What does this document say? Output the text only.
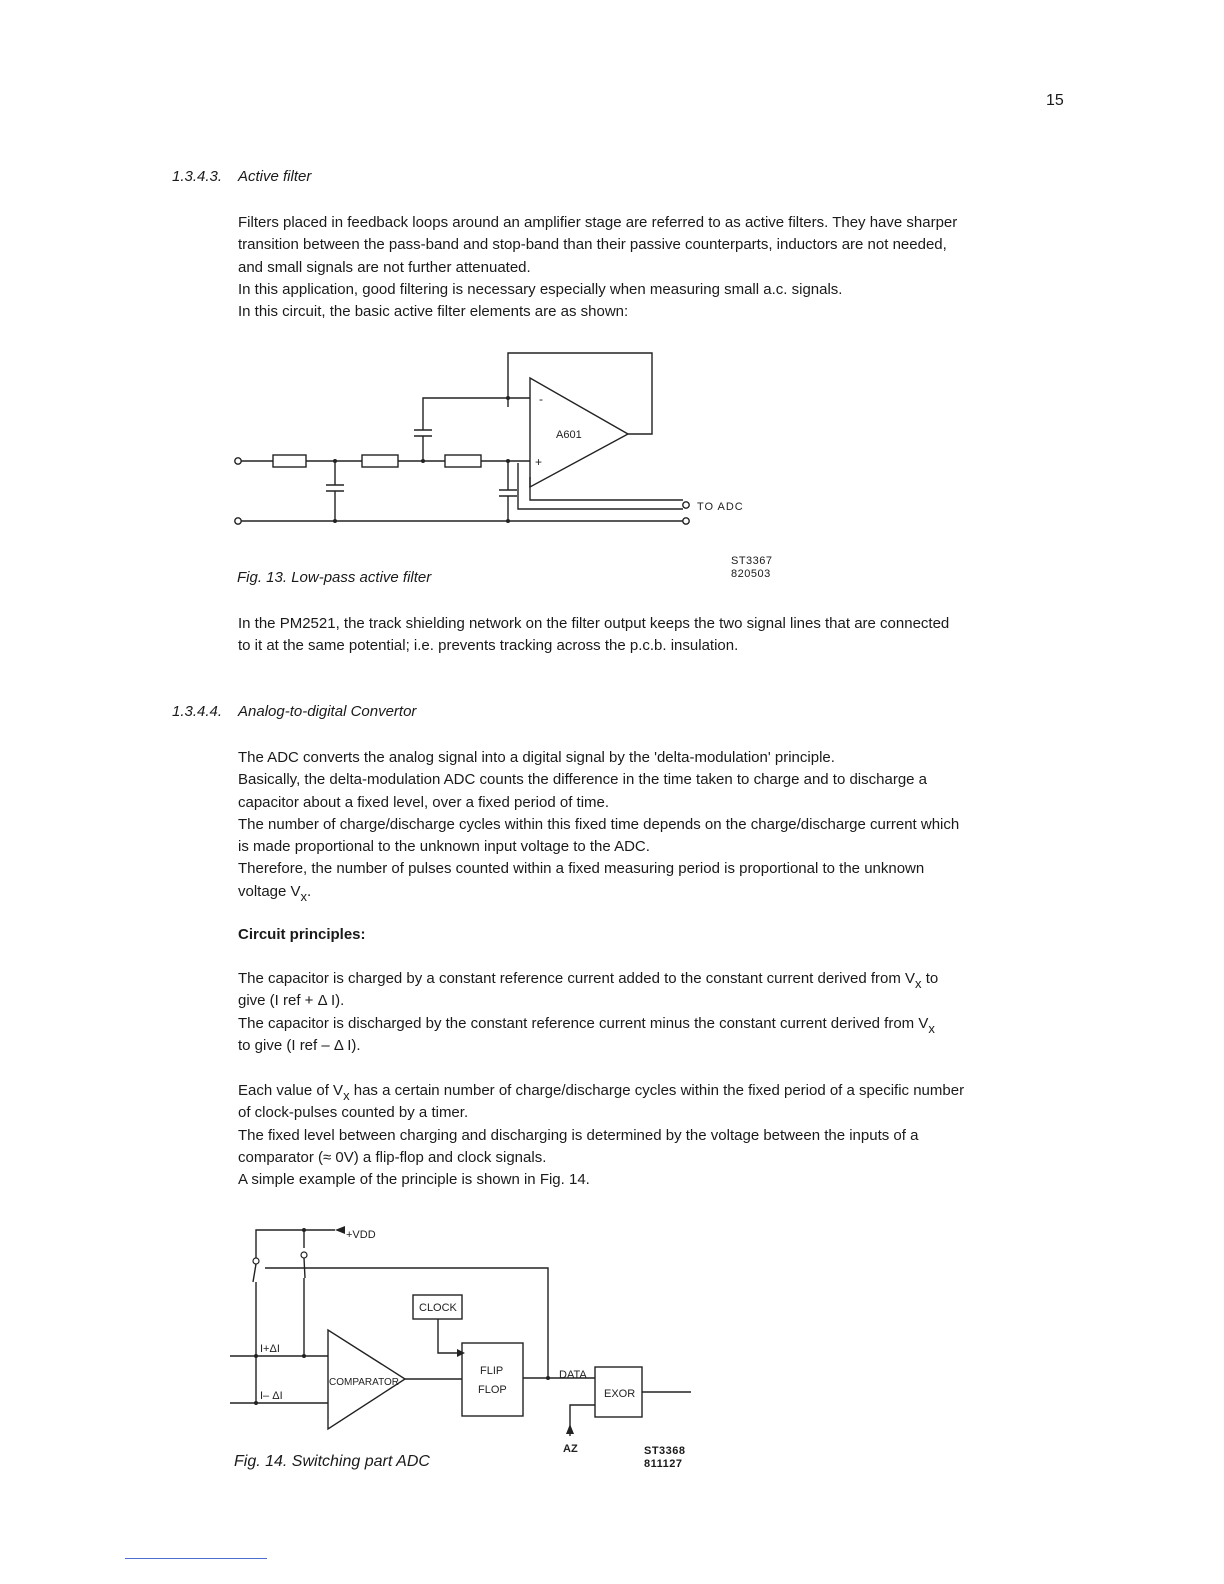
15
1.3.4.3. Active filter

Filters placed in feedback loops around an amplifier stage are referred to as active filters. They have sharper

transition between the pass-band and stop-band than their passive counterparts, inductors are not needed,

and small signals are not further attenuated.

In this application, good filtering is necessary especially when measuring small a.c. signals.

In this circuit, the basic active filter elements are as shown:

-
+
A601
TO ADC
ST3367
820503
Fig. 13. Low-pass active filter

In the PM2521, the track shielding network on the filter output keeps the two signal lines that are connected

to it at the same potential; i.e. prevents tracking across the p.c.b. insulation.

1.3.4.4. Analog-to-digital Convertor

The ADC converts the analog signal into a digital signal by the 'delta-modulation' principle.

Basically, the delta-modulation ADC counts the difference in the time taken to charge and to discharge a

capacitor about a fixed level, over a fixed period of time.

The number of charge/discharge cycles within this fixed time depends on the charge/discharge current which

is made proportional to the unknown input voltage to the ADC.

Therefore, the number of pulses counted within a fixed measuring period is proportional to the unknown

voltage $V_x$.

Circuit principles:

The capacitor is charged by a constant reference current added to the constant current derived from $V_x$ to

give (I ref + Δ I).

The capacitor is discharged by the constant reference current minus the constant current derived from $V_x$

to give (I ref – Δ I).

Each value of $V_x$ has a certain number of charge/discharge cycles within the fixed period of a specific number

of clock-pulses counted by a timer.

The fixed level between charging and discharging is determined by the voltage between the inputs of a

comparator (≈ 0V) a flip-flop and clock signals.

A simple example of the principle is shown in Fig. 14.

+VDD
CLOCK
FLIP
FLOP
I+ΔI
I– ΔI
COMPARATOR
DATA
EXOR
AZ	ST3368
811127
Fig. 14. Switching part ADC
